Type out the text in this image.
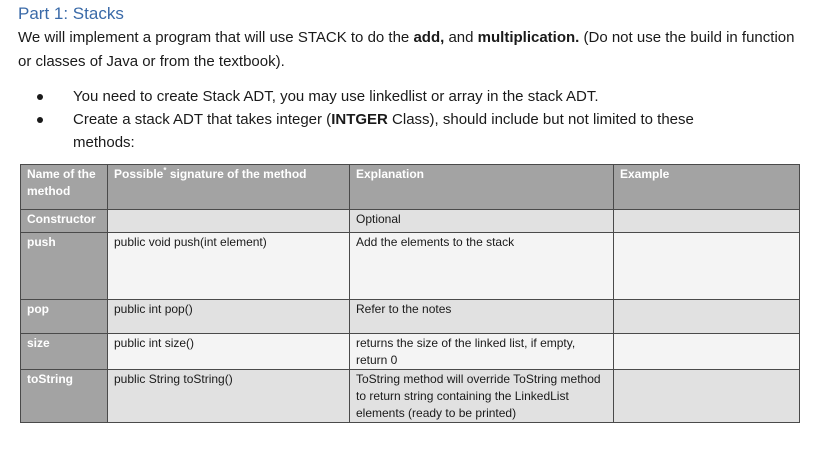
Part 1: Stacks
We will implement a program that will use STACK to do the add, and multiplication. (Do not use the build in function or classes of Java or from the textbook).
You need to create Stack ADT, you may use linkedlist or array in the stack ADT.
Create a stack ADT that takes integer (INTGER Class), should include but not limited to these
methods:
Name of the method	Possible* signature of the method	Explanation	Example
Constructor		Optional	
push	public void push(int element)	Add the elements to the stack	
pop	public int pop()	Refer to the notes	
size	public int size()	returns the size of the linked list, if empty, return 0	
toString	public String toString()	ToString method will override ToString method to return string containing the LinkedList elements (ready to be printed)	
